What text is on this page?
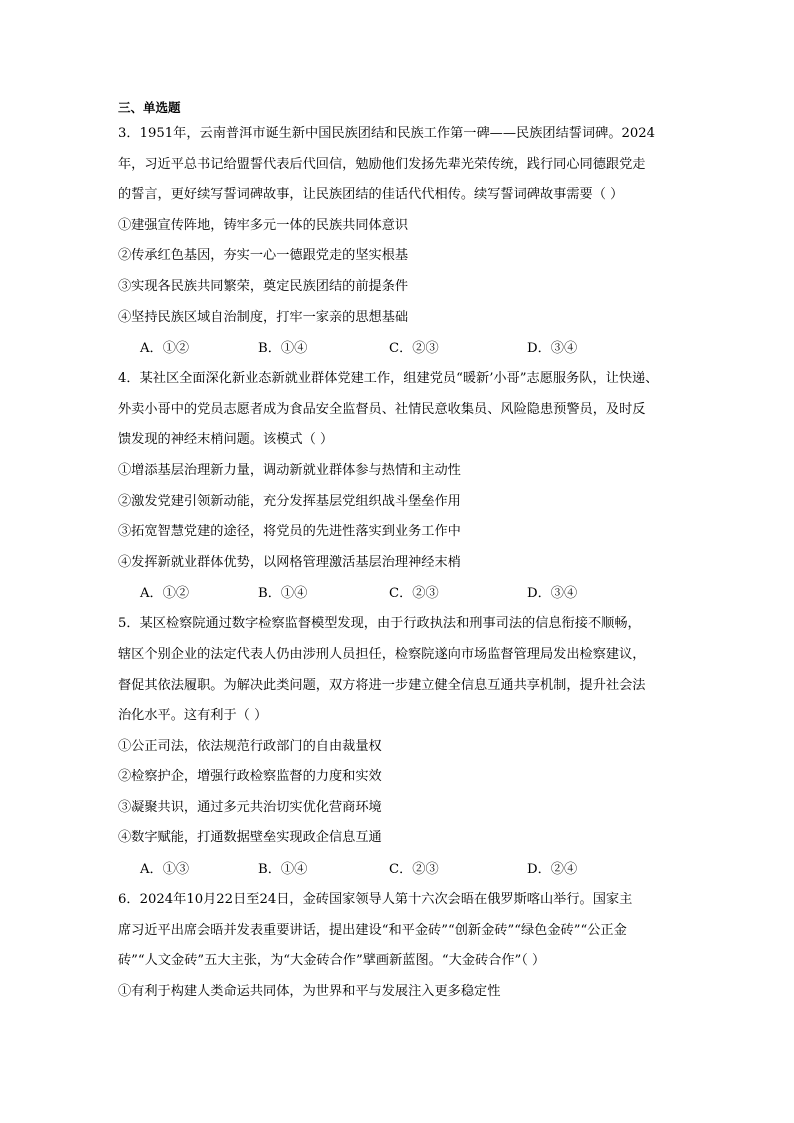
三、单选题
3．1951年，云南普洱市诞生新中国民族团结和民族工作第一碑——民族团结誓词碑。2024
年，习近平总书记给盟誓代表后代回信，勉励他们发扬先辈光荣传统，践行同心同德跟党走
的誓言，更好续写誓词碑故事，让民族团结的佳话代代相传。续写誓词碑故事需要（ ）
①建强宣传阵地，铸牢多元一体的民族共同体意识
②传承红色基因，夯实一心一德跟党走的坚实根基
③实现各民族共同繁荣，奠定民族团结的前提条件
④坚持民族区域自治制度，打牢一家亲的思想基础
A．①②	B．①④	C．②③	D．③④
4．某社区全面深化新业态新就业群体党建工作，组建党员“暖新’小哥”志愿服务队，让快递、
外卖小哥中的党员志愿者成为食品安全监督员、社情民意收集员、风险隐患预警员，及时反
馈发现的神经末梢问题。该模式（ ）
①增添基层治理新力量，调动新就业群体参与热情和主动性
②激发党建引领新动能，充分发挥基层党组织战斗堡垒作用
③拓宽智慧党建的途径，将党员的先进性落实到业务工作中
④发挥新就业群体优势，以网格管理激活基层治理神经末梢
A．①②	B．①④	C．②③	D．③④
5．某区检察院通过数字检察监督模型发现，由于行政执法和刑事司法的信息衔接不顺畅，
辖区个别企业的法定代表人仍由涉刑人员担任，检察院遂向市场监督管理局发出检察建议，
督促其依法履职。为解决此类问题，双方将进一步建立健全信息互通共享机制，提升社会法
治化水平。这有利于（ ）
①公正司法，依法规范行政部门的自由裁量权
②检察护企，增强行政检察监督的力度和实效
③凝聚共识，通过多元共治切实优化营商环境
④数字赋能，打通数据壁垒实现政企信息互通
A．①③	B．①④	C．②③	D．②④
6．2024年10月22日至24日，金砖国家领导人第十六次会晤在俄罗斯喀山举行。国家主
席习近平出席会晤并发表重要讲话，提出建设“和平金砖”“创新金砖”“绿色金砖”“公正金
砖”“人文金砖”五大主张，为“大金砖合作”擘画新蓝图。“大金砖合作”（ ）
①有利于构建人类命运共同体，为世界和平与发展注入更多稳定性
